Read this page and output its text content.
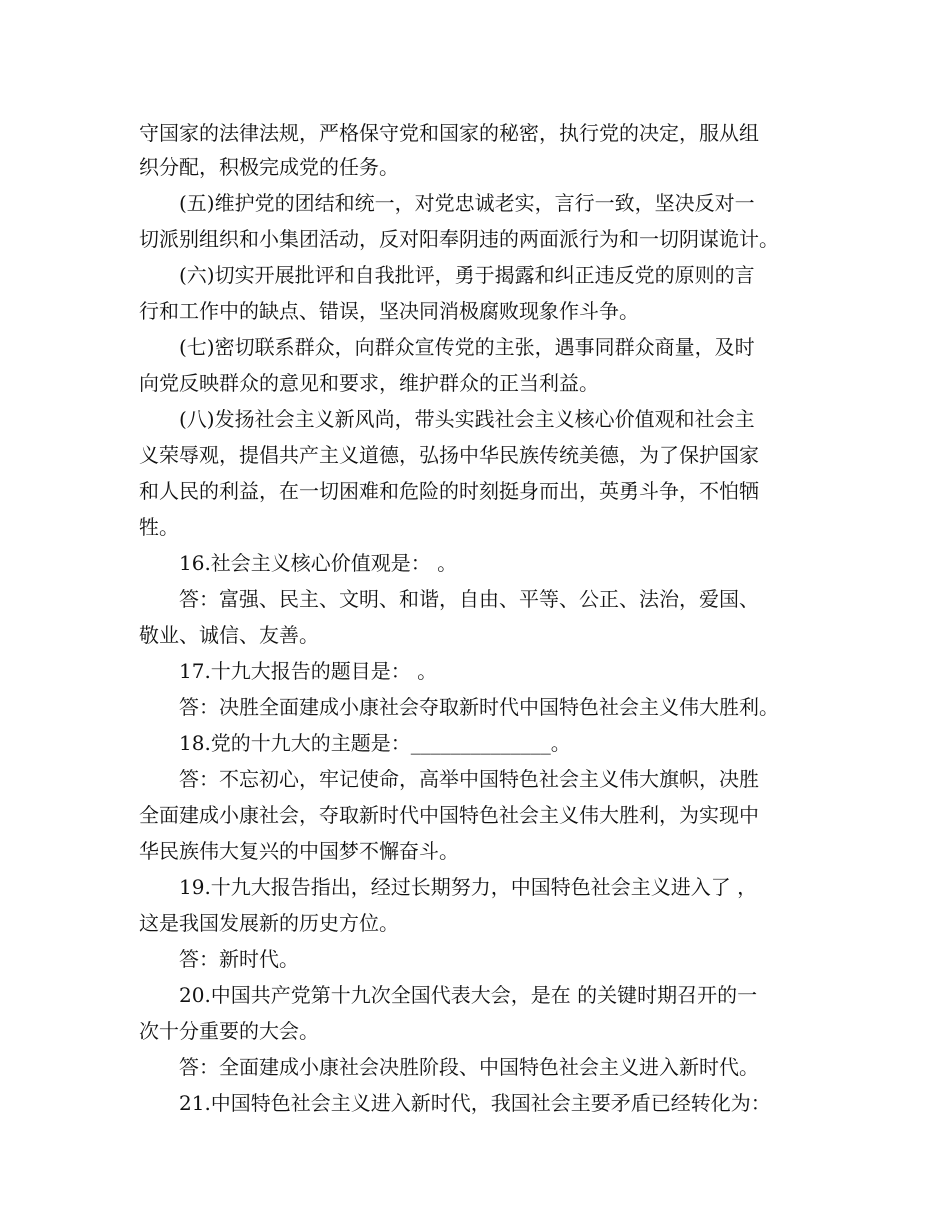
守国家的法律法规，严格保守党和国家的秘密，执行党的决定，服从组
织分配，积极完成党的任务。
(五)维护党的团结和统一，对党忠诚老实，言行一致，坚决反对一
切派别组织和小集团活动，反对阳奉阴违的两面派行为和一切阴谋诡计。
(六)切实开展批评和自我批评，勇于揭露和纠正违反党的原则的言
行和工作中的缺点、错误，坚决同消极腐败现象作斗争。
(七)密切联系群众，向群众宣传党的主张，遇事同群众商量，及时
向党反映群众的意见和要求，维护群众的正当利益。
(八)发扬社会主义新风尚，带头实践社会主义核心价值观和社会主
义荣辱观，提倡共产主义道德，弘扬中华民族传统美德，为了保护国家
和人民的利益，在一切困难和危险的时刻挺身而出，英勇斗争，不怕牺
牲。
16.社会主义核心价值观是： 。
答：富强、民主、文明、和谐，自由、平等、公正、法治，爱国、
敬业、诚信、友善。
17.十九大报告的题目是： 。
答：决胜全面建成小康社会夺取新时代中国特色社会主义伟大胜利。
18.党的十九大的主题是：______________。
答：不忘初心，牢记使命，高举中国特色社会主义伟大旗帜，决胜
全面建成小康社会，夺取新时代中国特色社会主义伟大胜利，为实现中
华民族伟大复兴的中国梦不懈奋斗。
19.十九大报告指出，经过长期努力，中国特色社会主义进入了 ，
这是我国发展新的历史方位。
答：新时代。
20.中国共产党第十九次全国代表大会，是在 的关键时期召开的一
次十分重要的大会。
答：全面建成小康社会决胜阶段、中国特色社会主义进入新时代。
21.中国特色社会主义进入新时代，我国社会主要矛盾已经转化为：
